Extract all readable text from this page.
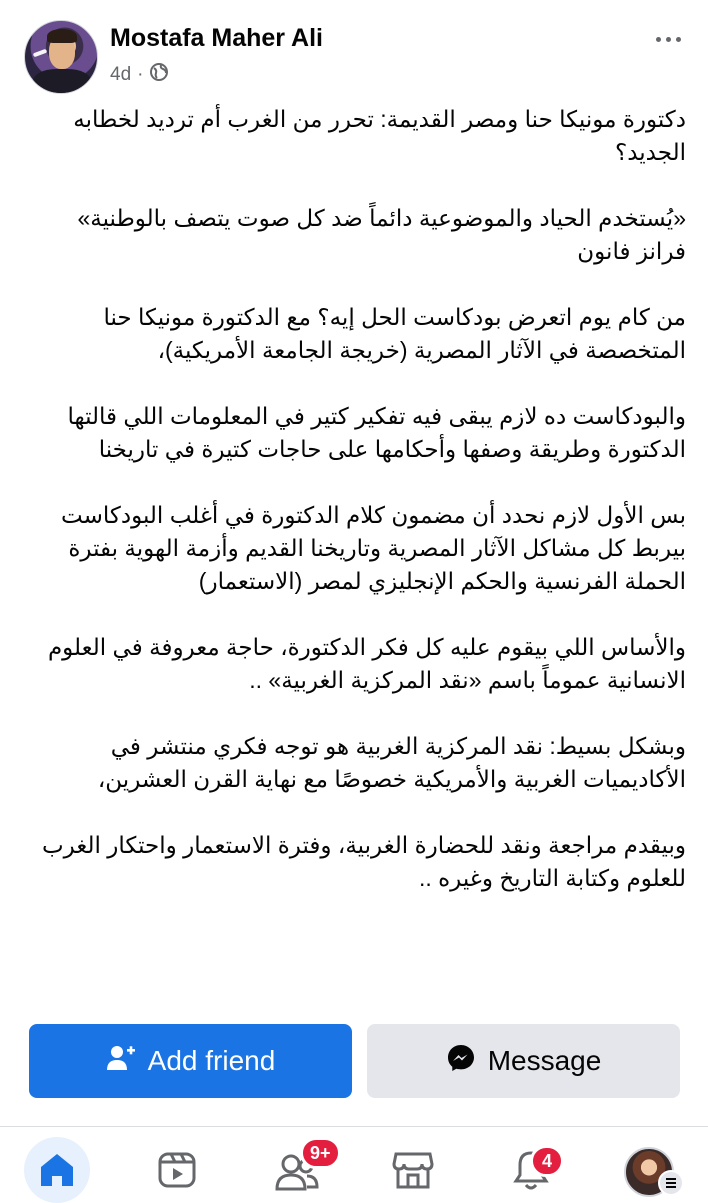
Mostafa Maher Ali
4d ·

دكتورة مونيكا حنا ومصر القديمة: تحرر من الغرب أم ترديد لخطابه الجديد؟

«يُستخدم الحياد والموضوعية دائماً ضد كل صوت يتصف بالوطنية» فرانز فانون

من كام يوم اتعرض بودكاست الحل إيه؟ مع الدكتورة مونيكا حنا المتخصصة في الآثار المصرية (خريجة الجامعة الأمريكية)،

والبودكاست ده لازم يبقى فيه تفكير كتير في المعلومات اللي قالتها الدكتورة وطريقة وصفها وأحكامها على حاجات كتيرة في تاريخنا

بس الأول لازم نحدد أن مضمون كلام الدكتورة في أغلب البودكاست بيربط كل مشاكل الآثار المصرية وتاريخنا القديم وأزمة الهوية بفترة الحملة الفرنسية والحكم الإنجليزي لمصر (الاستعمار)

والأساس اللي بيقوم عليه كل فكر الدكتورة، حاجة معروفة في العلوم الانسانية عموماً باسم «نقد المركزية الغربية» ..

وبشكل بسيط: نقد المركزية الغربية هو توجه فكري منتشر في الأكاديميات الغربية والأمريكية خصوصًا مع نهاية القرن العشرين،

وبيقدم مراجعة ونقد للحضارة الغربية، وفترة الاستعمار واحتكار الغرب للعلوم وكتابة التاريخ وغيره ..

Add friend	Message
9+	4
